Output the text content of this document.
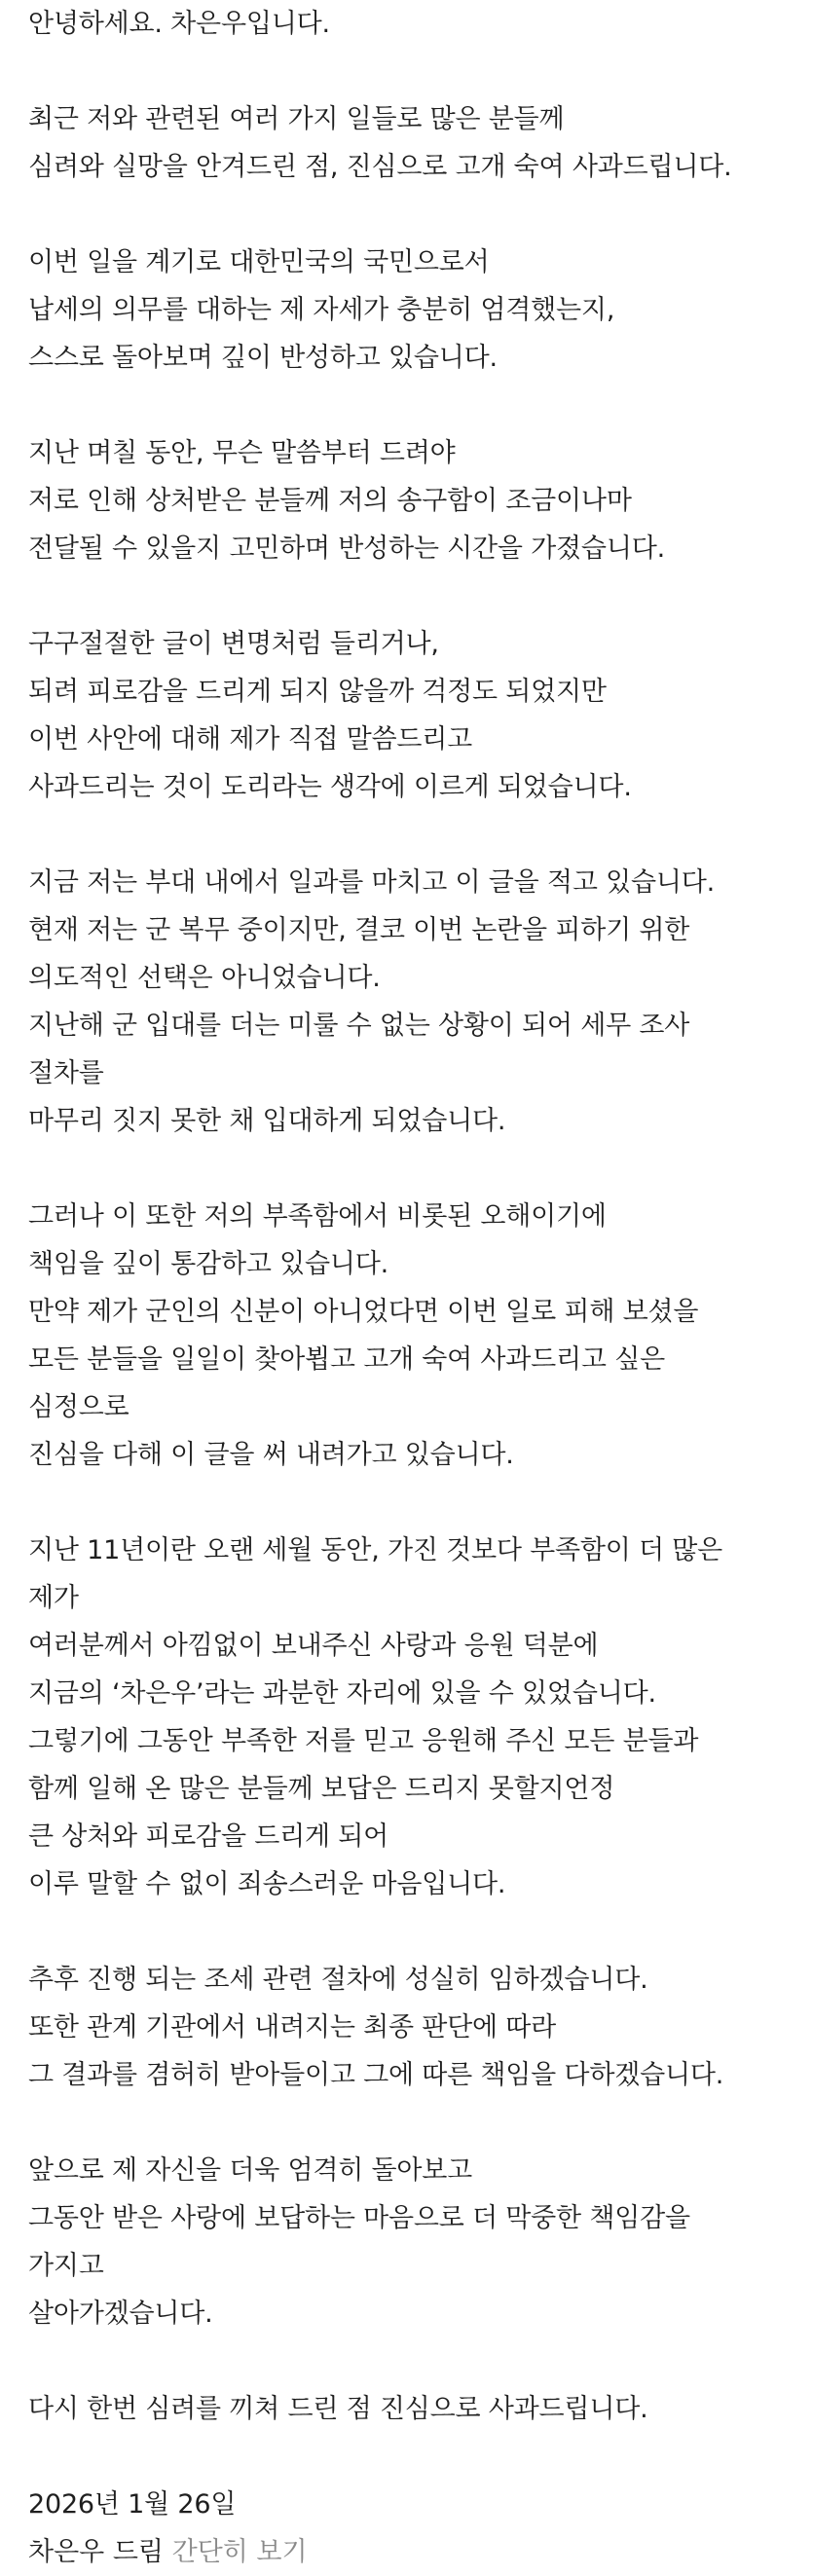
안녕하세요. 차은우입니다.

최근 저와 관련된 여러 가지 일들로 많은 분들께
심려와 실망을 안겨드린 점, 진심으로 고개 숙여 사과드립니다.

이번 일을 계기로 대한민국의 국민으로서
납세의 의무를 대하는 제 자세가 충분히 엄격했는지,
스스로 돌아보며 깊이 반성하고 있습니다.

지난 며칠 동안, 무슨 말씀부터 드려야
저로 인해 상처받은 분들께 저의 송구함이 조금이나마
전달될 수 있을지 고민하며 반성하는 시간을 가졌습니다.

구구절절한 글이 변명처럼 들리거나,
되려 피로감을 드리게 되지 않을까 걱정도 되었지만
이번 사안에 대해 제가 직접 말씀드리고
사과드리는 것이 도리라는 생각에 이르게 되었습니다.

지금 저는 부대 내에서 일과를 마치고 이 글을 적고 있습니다.
현재 저는 군 복무 중이지만, 결코 이번 논란을 피하기 위한
의도적인 선택은 아니었습니다.
지난해 군 입대를 더는 미룰 수 없는 상황이 되어 세무 조사
절차를
마무리 짓지 못한 채 입대하게 되었습니다.

그러나 이 또한 저의 부족함에서 비롯된 오해이기에
책임을 깊이 통감하고 있습니다.
만약 제가 군인의 신분이 아니었다면 이번 일로 피해 보셨을
모든 분들을 일일이 찾아뵙고 고개 숙여 사과드리고 싶은
심정으로
진심을 다해 이 글을 써 내려가고 있습니다.

지난 11년이란 오랜 세월 동안, 가진 것보다 부족함이 더 많은
제가
여러분께서 아낌없이 보내주신 사랑과 응원 덕분에
지금의 ‘차은우’라는 과분한 자리에 있을 수 있었습니다.
그렇기에 그동안 부족한 저를 믿고 응원해 주신 모든 분들과
함께 일해 온 많은 분들께 보답은 드리지 못할지언정
큰 상처와 피로감을 드리게 되어
이루 말할 수 없이 죄송스러운 마음입니다.

추후 진행 되는 조세 관련 절차에 성실히 임하겠습니다.
또한 관계 기관에서 내려지는 최종 판단에 따라
그 결과를 겸허히 받아들이고 그에 따른 책임을 다하겠습니다.

앞으로 제 자신을 더욱 엄격히 돌아보고
그동안 받은 사랑에 보답하는 마음으로 더 막중한 책임감을
가지고
살아가겠습니다.

다시 한번 심려를 끼쳐 드린 점 진심으로 사과드립니다.

2026년 1월 26일
차은우 드림 간단히 보기
